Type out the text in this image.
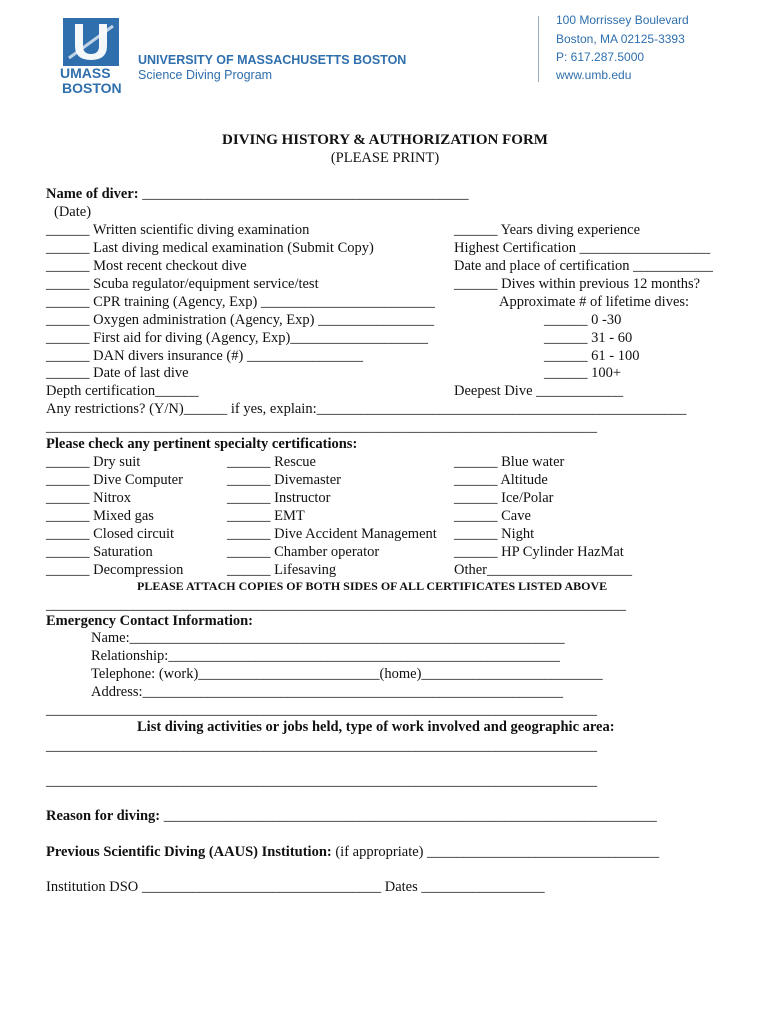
UMASS
BOSTON
UNIVERSITY OF MASSACHUSETTS BOSTON
Science Diving Program
100 Morrissey Boulevard
Boston, MA 02125-3393
P: 617.287.5000
www.umb.edu
DIVING HISTORY & AUTHORIZATION FORM
(PLEASE PRINT)
Name of diver: _____________________________________________
(Date)
______ Written scientific diving examination
______ Last diving medical examination (Submit Copy)
______ Most recent checkout dive
______ Scuba regulator/equipment service/test
______ CPR training (Agency, Exp) ________________________
______ Oxygen administration (Agency, Exp) ________________
______ First aid for diving (Agency, Exp)___________________
______ DAN divers insurance (#) ________________
______ Date of last dive
______ Years diving experience
Highest Certification __________________
Date and place of certification ___________
______ Dives within previous 12 months?
Approximate # of lifetime dives:
______ 0 -30
______ 31 - 60
______ 61 - 100
______ 100+
Depth certification______	Deepest Dive ____________
Any restrictions? (Y/N)______ if yes, explain:___________________________________________________
____________________________________________________________________________
Please check any pertinent specialty certifications:
______ Dry suit
______ Dive Computer
______ Nitrox
______ Mixed gas
______ Closed circuit
______ Saturation
______ Decompression
______ Rescue
______ Divemaster
______ Instructor
______ EMT
______ Dive Accident Management
______ Chamber operator
______ Lifesaving
______ Blue water
______ Altitude
______ Ice/Polar
______ Cave
______ Night
______ HP Cylinder HazMat
Other____________________
PLEASE ATTACH COPIES OF BOTH SIDES OF ALL CERTIFICATES LISTED ABOVE
________________________________________________________________________________
Emergency Contact Information:
Name:____________________________________________________________
Relationship:______________________________________________________
Telephone: (work)_________________________(home)_________________________
Address:__________________________________________________________
____________________________________________________________________________
List diving activities or jobs held, type of work involved and geographic area:
____________________________________________________________________________
____________________________________________________________________________
Reason for diving: ____________________________________________________________________
Previous Scientific Diving (AAUS) Institution: (if appropriate) ________________________________
Institution DSO _________________________________ Dates _________________
